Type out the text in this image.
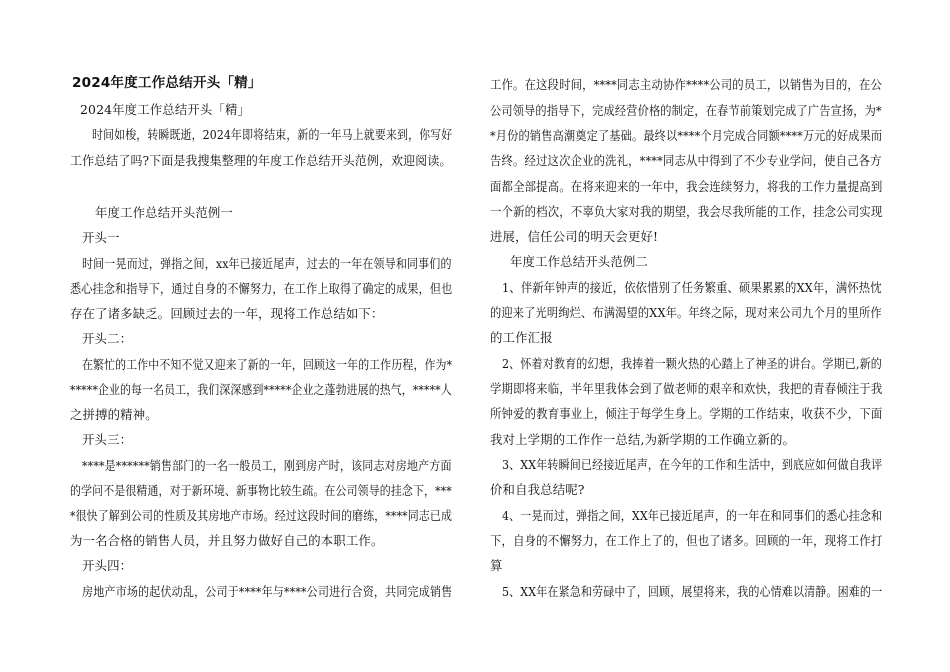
2024年度工作总结开头「精」
2024年度工作总结开头「精」
时间如梭，转瞬既逝，2024年即将结束，新的一年马上就要来到，你写好
工作总结了吗?下面是我搜集整理的年度工作总结开头范例，欢迎阅读。
年度工作总结开头范例一
开头一
时间一晃而过，弹指之间，xx年已接近尾声，过去的一年在领导和同事们的
悉心挂念和指导下，通过自身的不懈努力，在工作上取得了确定的成果，但也
存在了诸多缺乏。回顾过去的一年，现将工作总结如下：
开头二：
在繁忙的工作中不知不觉又迎来了新的一年，回顾这一年的工作历程，作为*
*****企业的每一名员工，我们深深感到*****企业之蓬勃进展的热气，*****人
之拼搏的精神。
开头三：
****是******销售部门的一名一般员工，刚到房产时，该同志对房地产方面
的学问不是很精通，对于新环境、新事物比较生疏。在公司领导的挂念下，***
*很快了解到公司的性质及其房地产市场。经过这段时间的磨练，****同志已成
为一名合格的销售人员，并且努力做好自己的本职工作。
开头四：
房地产市场的起伏动乱，公司于****年与****公司进行合资，共同完成销售
工作。在这段时间，****同志主动协作****公司的员工，以销售为目的，在公
公司领导的指导下，完成经营价格的制定，在春节前策划完成了广告宣扬，为*
*月份的销售高潮奠定了基础。最终以****个月完成合同额****万元的好成果而
告终。经过这次企业的洗礼，****同志从中得到了不少专业学问，使自己各方
面都全部提高。在将来迎来的一年中，我会连续努力，将我的工作力量提高到
一个新的档次，不辜负大家对我的期望，我会尽我所能的工作，挂念公司实现
进展，信任公司的明天会更好!
年度工作总结开头范例二
1、伴新年钟声的接近，依依惜别了任务繁重、硕果累累的XX年，满怀热忱
的迎来了光明绚烂、布满渴望的XX年。年终之际，现对来公司九个月的里所作
的工作汇报
2、怀着对教育的幻想，我捧着一颗火热的心踏上了神圣的讲台。学期已,新的
学期即将来临，半年里我体会到了做老师的艰辛和欢快，我把的青春倾注于我
所钟爱的教育事业上，倾注于每学生身上。学期的工作结束，收获不少，下面
我对上学期的工作作一总结,为新学期的工作确立新的。
3、XX年转瞬间已经接近尾声，在今年的工作和生活中，到底应如何做自我评
价和自我总结呢?
4、一晃而过，弹指之间，XX年已接近尾声，的一年在和同事们的悉心挂念和
下，自身的不懈努力，在工作上了的，但也了诸多。回顾的一年，现将工作打
算
5、XX年在紧急和劳碌中了，回顾，展望将来，我的心情难以清静。困难的一
